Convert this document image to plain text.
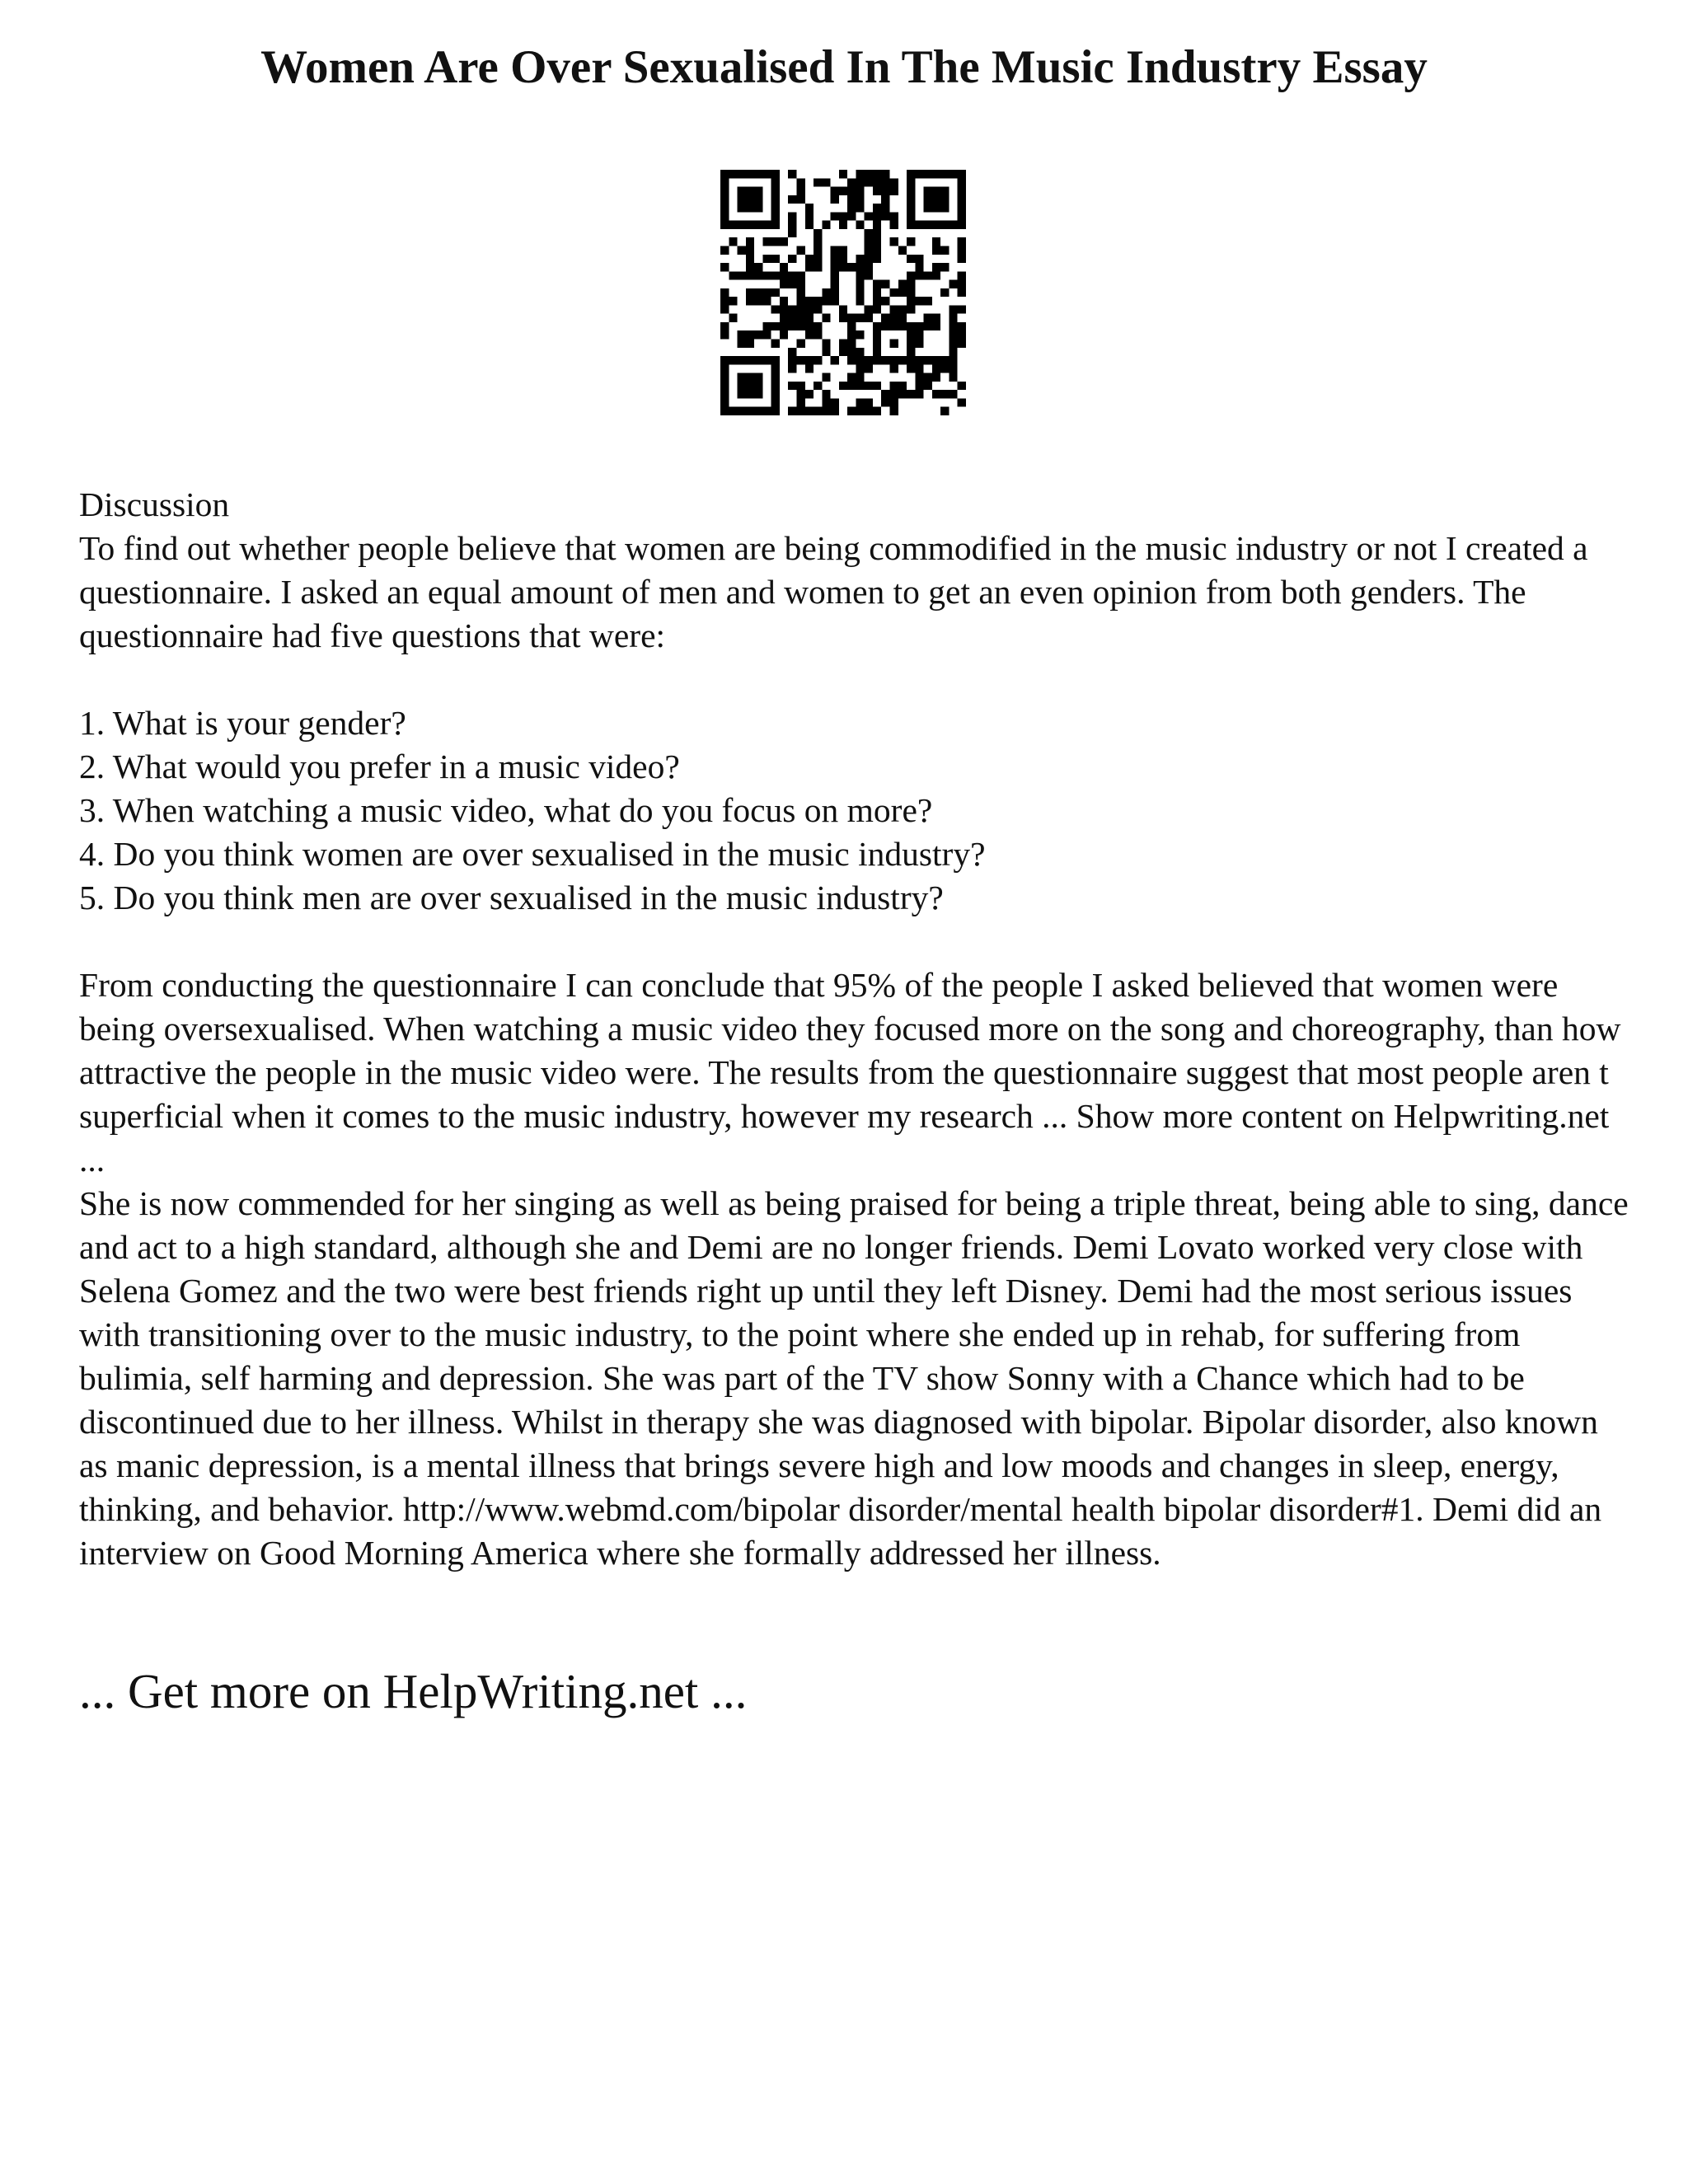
Women Are Over Sexualised In The Music Industry Essay

Discussion

To find out whether people believe that women are being commodified in the music industry or not I created a questionnaire. I asked an equal amount of men and women to get an even opinion from both genders. The questionnaire had five questions that were:

1. What is your gender?
2. What would you prefer in a music video?
3. When watching a music video, what do you focus on more?
4. Do you think women are over sexualised in the music industry?
5. Do you think men are over sexualised in the music industry?

From conducting the questionnaire I can conclude that 95% of the people I asked believed that women were being oversexualised. When watching a music video they focused more on the song and choreography, than how attractive the people in the music video were. The results from the questionnaire suggest that most people aren t superficial when it comes to the music industry, however my research ... Show more content on Helpwriting.net ...

She is now commended for her singing as well as being praised for being a triple threat, being able to sing, dance and act to a high standard, although she and Demi are no longer friends. Demi Lovato worked very close with Selena Gomez and the two were best friends right up until they left Disney. Demi had the most serious issues with transitioning over to the music industry, to the point where she ended up in rehab, for suffering from bulimia, self harming and depression. She was part of the TV show Sonny with a Chance which had to be discontinued due to her illness. Whilst in therapy she was diagnosed with bipolar. Bipolar disorder, also known as manic depression, is a mental illness that brings severe high and low moods and changes in sleep, energy, thinking, and behavior. http://www.webmd.com/bipolar disorder/mental health bipolar disorder#1. Demi did an interview on Good Morning America where she formally addressed her illness.

... Get more on HelpWriting.net ...
